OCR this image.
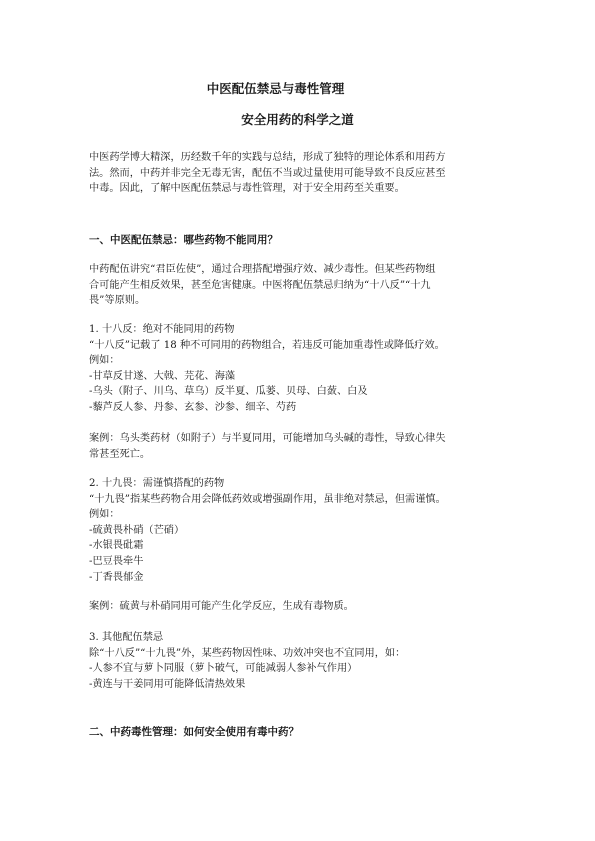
中医配伍禁忌与毒性管理
安全用药的科学之道
中医药学博大精深，历经数千年的实践与总结，形成了独特的理论体系和用药方
法。然而，中药并非完全无毒无害，配伍不当或过量使用可能导致不良反应甚至
中毒。因此，了解中医配伍禁忌与毒性管理，对于安全用药至关重要。
一、中医配伍禁忌：哪些药物不能同用？
中药配伍讲究“君臣佐使”，通过合理搭配增强疗效、减少毒性。但某些药物组
合可能产生相反效果，甚至危害健康。中医将配伍禁忌归纳为“十八反”“十九
畏”等原则。
1. 十八反：绝对不能同用的药物
“十八反”记载了 18 种不可同用的药物组合，若违反可能加重毒性或降低疗效。
例如：
-甘草反甘遂、大戟、芫花、海藻
-乌头（附子、川乌、草乌）反半夏、瓜蒌、贝母、白蔹、白及
-藜芦反人参、丹参、玄参、沙参、细辛、芍药
案例：乌头类药材（如附子）与半夏同用，可能增加乌头碱的毒性，导致心律失
常甚至死亡。
2. 十九畏：需谨慎搭配的药物
“十九畏”指某些药物合用会降低药效或增强副作用，虽非绝对禁忌，但需谨慎。
例如：
-硫黄畏朴硝（芒硝）
-水银畏砒霜
-巴豆畏牵牛
-丁香畏郁金
案例：硫黄与朴硝同用可能产生化学反应，生成有毒物质。
3. 其他配伍禁忌
除“十八反”“十九畏”外，某些药物因性味、功效冲突也不宜同用，如：
-人参不宜与萝卜同服（萝卜破气，可能减弱人参补气作用）
-黄连与干姜同用可能降低清热效果
二、中药毒性管理：如何安全使用有毒中药？
